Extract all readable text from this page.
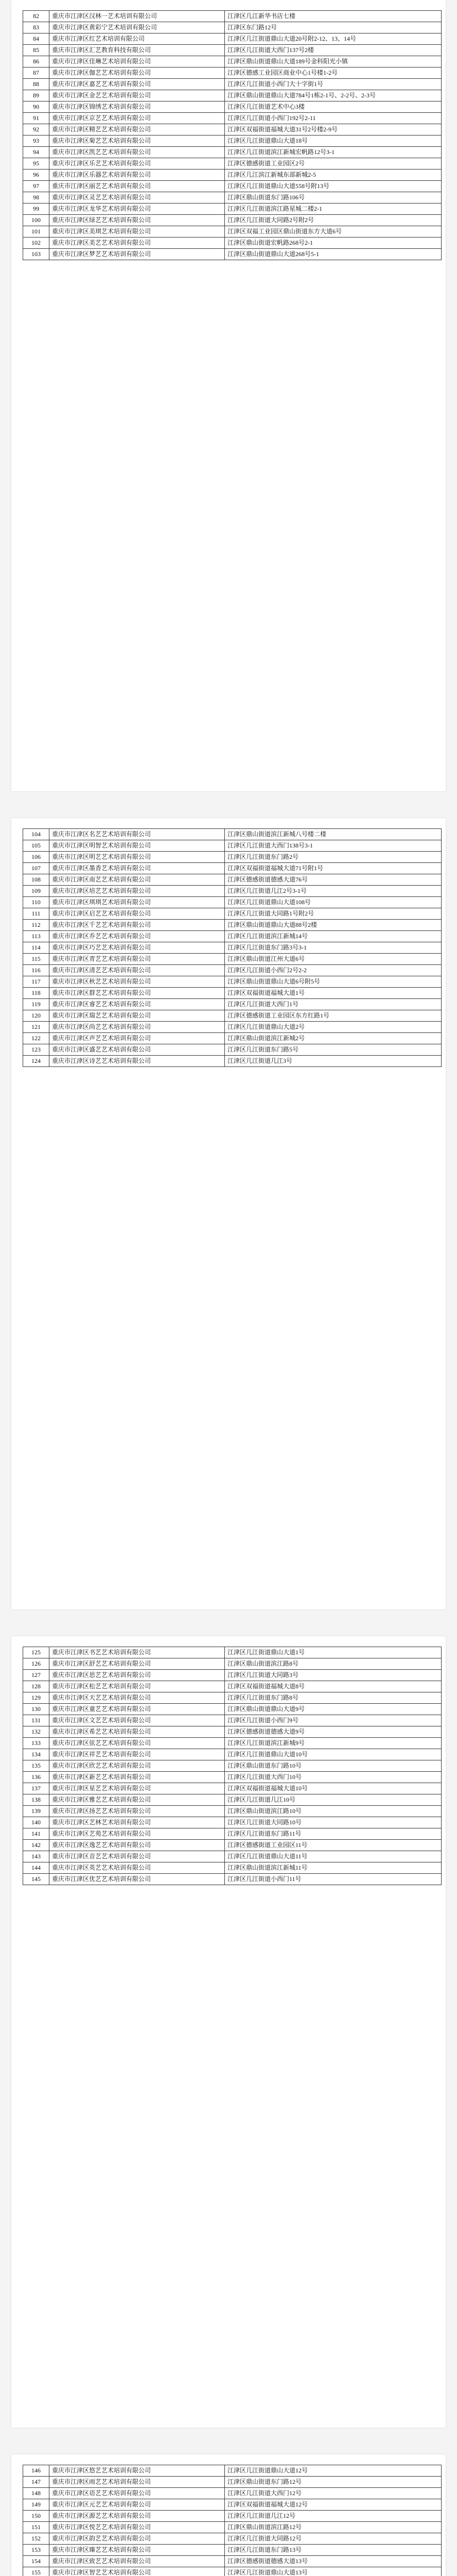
82	重庆市江津区汉林一艺术培训有限公司	江津区几江新华书店七楼
83	重庆市江津区黄彩宁艺术培训有限公司	江津区东门路12号
84	重庆市江津区红艺术培训有限公司	江津区几江街道鼎山大道20号附2-12、13、14号
85	重庆市江津区汇艺教育科技有限公司	江津区几江街道大西门137号2楼
86	重庆市江津区佳琳艺术培训有限公司	江津区鼎山街道鼎山大道189号金科阳光小镇
87	重庆市江津区伽艺艺术培训有限公司	江津区德感工业园区商业中心1号楼1-2号
88	重庆市江津区嘉艺艺术培训有限公司	江津区几江街道小西门大十字街1号
89	重庆市江津区金艺艺术培训有限公司	江津区鼎山街道鼎山大道784号1栋2-1号、2-2号、2-3号
90	重庆市江津区锦绣艺术培训有限公司	江津区几江街道艺术中心3楼
91	重庆市江津区京艺艺术培训有限公司	江津区几江街道小西门192号2-11
92	重庆市江津区精艺艺术培训有限公司	江津区双福街道福城大道31号2号楼2-9号
93	重庆市江津区菊艺艺术培训有限公司	江津区几江街道鼎山大道18号
94	重庆市江津区凯艺艺术培训有限公司	江津区几江街道滨江新城宏帆路12号3-1
95	重庆市江津区乐艺艺术培训有限公司	江津区德感街道工业园区2号
96	重庆市江津区乐器艺术培训有限公司	江津区几江滨江新城东部新城2-5
97	重庆市江津区丽艺艺术培训有限公司	江津区几江街道鼎山大道558号附13号
98	重庆市江津区灵艺艺术培训有限公司	江津区鼎山街道东门路106号
99	重庆市江津区龙华艺术培训有限公司	江津区几江街道滨江路星城二楼2-1
100	重庆市江津区绿艺艺术培训有限公司	江津区几江街道大同路2号附2号
101	重庆市江津区美琪艺术培训有限公司	江津区双福工业园区鼎山街道东方大道6号
102	重庆市江津区美艺艺术培训有限公司	江津区鼎山街道宏帆路268号2-1
103	重庆市江津区梦艺艺术培训有限公司	江津区鼎山街道鼎山大道268号5-1
104	重庆市江津区名艺艺术培训有限公司	江津区鼎山街道滨江新城八号楼二楼
105	重庆市江津区明智艺术培训有限公司	江津区几江街道大西门138号3-1
106	重庆市江津区明艺艺术培训有限公司	江津区几江街道东门路2号
107	重庆市江津区墨香艺术培训有限公司	江津区双福街道福城大道71号附1号
108	重庆市江津区南艺艺术培训有限公司	江津区德感街道德感大道76号
109	重庆市江津区培艺艺术培训有限公司	江津区几江街道几江2号3-1号
110	重庆市江津区琪琪艺术培训有限公司	江津区几江街道鼎山大道108号
111	重庆市江津区启艺艺术培训有限公司	江津区几江街道大同路1号附2号
112	重庆市江津区千艺艺术培训有限公司	江津区鼎山街道鼎山大道88号2楼
113	重庆市江津区乔艺艺术培训有限公司	江津区几江街道滨江新城14号
114	重庆市江津区巧艺艺术培训有限公司	江津区几江街道东门路3号3-1
115	重庆市江津区青艺艺术培训有限公司	江津区鼎山街道江州大道6号
116	重庆市江津区清艺艺术培训有限公司	江津区几江街道小西门2号2-2
117	重庆市江津区秋艺艺术培训有限公司	江津区鼎山街道鼎山大道6号附5号
118	重庆市江津区群艺艺术培训有限公司	江津区双福街道福城大道1号
119	重庆市江津区睿艺艺术培训有限公司	江津区几江街道大西门1号
120	重庆市江津区瑞艺艺术培训有限公司	江津区德感街道工业园区东方红路1号
121	重庆市江津区尚艺艺术培训有限公司	江津区几江街道鼎山大道2号
122	重庆市江津区声艺艺术培训有限公司	江津区鼎山街道滨江新城2号
123	重庆市江津区盛艺艺术培训有限公司	江津区几江街道东门路5号
124	重庆市江津区诗艺艺术培训有限公司	江津区几江街道几江3号
125	重庆市江津区书艺艺术培训有限公司	江津区几江街道鼎山大道1号
126	重庆市江津区舒艺艺术培训有限公司	江津区鼎山街道滨江路8号
127	重庆市江津区思艺艺术培训有限公司	江津区几江街道大同路3号
128	重庆市江津区松艺艺术培训有限公司	江津区双福街道福城大道8号
129	重庆市江津区天艺艺术培训有限公司	江津区几江街道东门路8号
130	重庆市江津区童艺艺术培训有限公司	江津区鼎山街道鼎山大道9号
131	重庆市江津区文艺艺术培训有限公司	江津区几江街道小西门9号
132	重庆市江津区希艺艺术培训有限公司	江津区德感街道德感大道9号
133	重庆市江津区弦艺艺术培训有限公司	江津区几江街道滨江新城9号
134	重庆市江津区祥艺艺术培训有限公司	江津区几江街道鼎山大道10号
135	重庆市江津区欣艺艺术培训有限公司	江津区鼎山街道东门路10号
136	重庆市江津区新艺艺术培训有限公司	江津区几江街道大西门10号
137	重庆市江津区星艺艺术培训有限公司	江津区双福街道福城大道10号
138	重庆市江津区雅艺艺术培训有限公司	江津区几江街道几江10号
139	重庆市江津区扬艺艺术培训有限公司	江津区鼎山街道滨江路10号
140	重庆市江津区艺林艺术培训有限公司	江津区几江街道大同路10号
141	重庆市江津区艺苑艺术培训有限公司	江津区几江街道东门路11号
142	重庆市江津区逸艺艺术培训有限公司	江津区德感街道工业园区11号
143	重庆市江津区音艺艺术培训有限公司	江津区几江街道鼎山大道11号
144	重庆市江津区英艺艺术培训有限公司	江津区鼎山街道滨江新城11号
145	重庆市江津区优艺艺术培训有限公司	江津区几江街道小西门11号
146	重庆市江津区悠艺艺术培训有限公司	江津区几江街道鼎山大道12号
147	重庆市江津区雨艺艺术培训有限公司	江津区鼎山街道东门路12号
148	重庆市江津区语艺艺术培训有限公司	江津区几江街道大西门12号
149	重庆市江津区元艺艺术培训有限公司	江津区双福街道福城大道12号
150	重庆市江津区源艺艺术培训有限公司	江津区几江街道几江12号
151	重庆市江津区悦艺艺术培训有限公司	江津区鼎山街道滨江路12号
152	重庆市江津区韵艺艺术培训有限公司	江津区几江街道大同路12号
153	重庆市江津区臻艺艺术培训有限公司	江津区几江街道东门路13号
154	重庆市江津区致艺艺术培训有限公司	江津区德感街道德感大道13号
155	重庆市江津区智艺艺术培训有限公司	江津区几江街道鼎山大道13号
